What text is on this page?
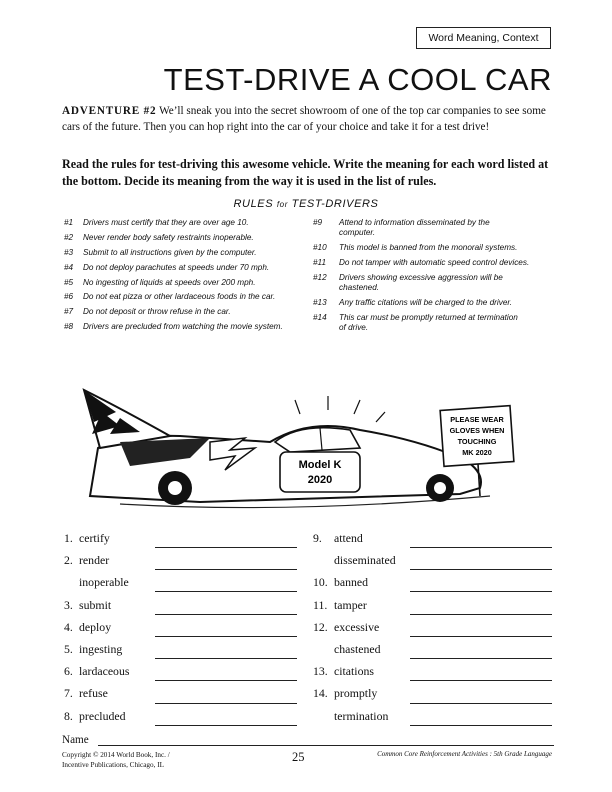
Word Meaning, Context
TEST-DRIVE A COOL CAR
ADVENTURE #2 We’ll sneak you into the secret showroom of one of the top car companies to see some cars of the future. Then you can hop right into the car of your choice and take it for a test drive!
Read the rules for test-driving this awesome vehicle. Write the meaning for each word listed at the bottom. Decide its meaning from the way it is used in the list of rules.
RULES for TEST-DRIVERS
#1	Drivers must certify that they are over age 10.
#2	Never render body safety restraints inoperable.
#3	Submit to all instructions given by the computer.
#4	Do not deploy parachutes at speeds under 70 mph.
#5	No ingesting of liquids at speeds over 200 mph.
#6	Do not eat pizza or other lardaceous foods in the car.
#7	Do not deposit or throw refuse in the car.
#8	Drivers are precluded from watching the movie system.
#9	Attend to information disseminated by the computer.
#10	This model is banned from the monorail systems.
#11	Do not tamper with automatic speed control devices.
#12	Drivers showing excessive aggression will be chastened.
#13	Any traffic citations will be charged to the driver.
#14	This car must be promptly returned at termination of drive.
Model K
2020
PLEASE WEAR
GLOVES WHEN
TOUCHING
MK 2020
1. certify
2. render
inoperable
3. submit
4. deploy
5. ingesting
6. lardaceous
7. refuse
8. precluded
9.	attend
disseminated
10. banned
11. tamper
12. excessive
chastened
13. citations
14. promptly
termination
Name
Copyright © 2014 World Book, Inc. /
Incentive Publications, Chicago, IL
25	Common Core Reinforcement Activities : 5th Grade Language
